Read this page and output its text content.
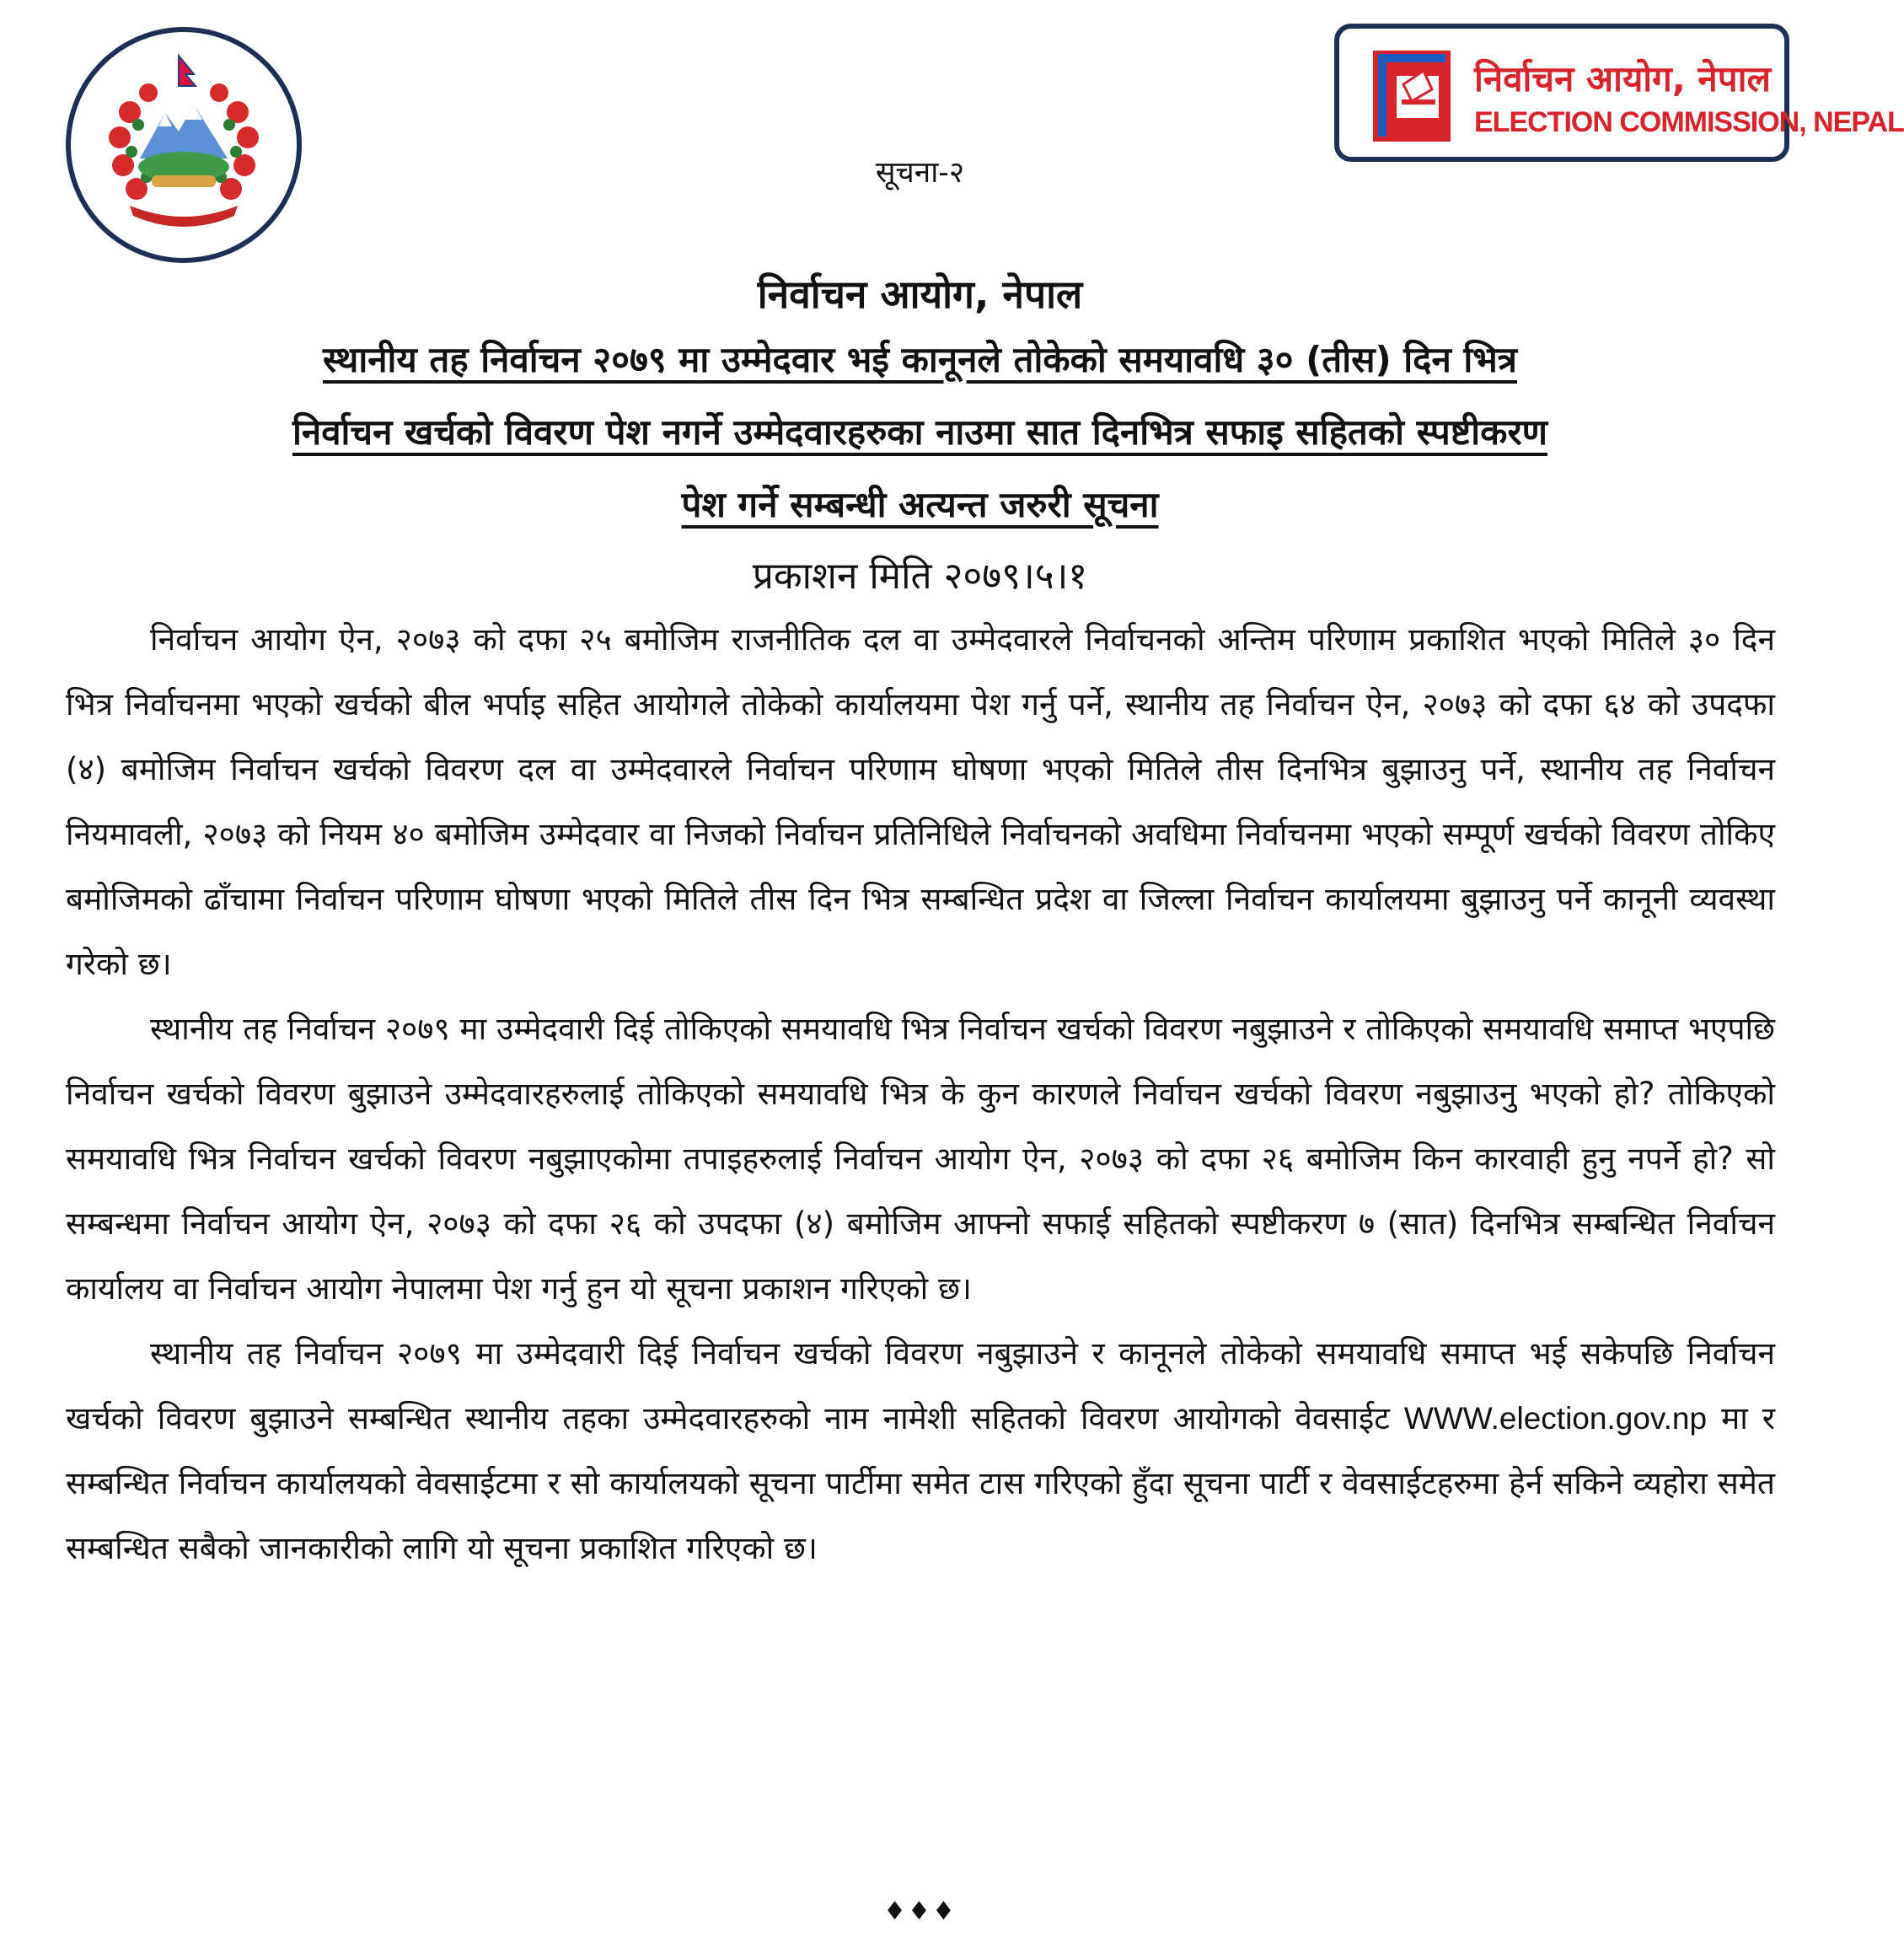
निर्वाचन आयोग, नेपाल
ELECTION COMMISSION, NEPAL
सूचना-२
निर्वाचन आयोग, नेपाल
स्थानीय तह निर्वाचन २०७९ मा उम्मेदवार भई कानूनले तोकेको समयावधि ३० (तीस) दिन भित्र
निर्वाचन खर्चको विवरण पेश नगर्ने उम्मेदवारहरुका नाउमा सात दिनभित्र सफाइ सहितको स्पष्टीकरण
पेश गर्ने सम्बन्धी अत्यन्त जरुरी सूचना
प्रकाशन मिति २०७९।५।१

निर्वाचन आयोग ऐन, २०७३ को दफा २५ बमोजिम राजनीतिक दल वा उम्मेदवारले निर्वाचनको अन्तिम परिणाम प्रकाशित भएको मितिले ३० दिन भित्र निर्वाचनमा भएको खर्चको बील भर्पाइ सहित आयोगले तोकेको कार्यालयमा पेश गर्नु पर्ने, स्थानीय तह निर्वाचन ऐन, २०७३ को दफा ६४ को उपदफा (४) बमोजिम निर्वाचन खर्चको विवरण दल वा उम्मेदवारले निर्वाचन परिणाम घोषणा भएको मितिले तीस दिनभित्र बुझाउनु पर्ने, स्थानीय तह निर्वाचन नियमावली, २०७३ को नियम ४० बमोजिम उम्मेदवार वा निजको निर्वाचन प्रतिनिधिले निर्वाचनको अवधिमा निर्वाचनमा भएको सम्पूर्ण खर्चको विवरण तोकिए बमोजिमको ढाँचामा निर्वाचन परिणाम घोषणा भएको मितिले तीस दिन भित्र सम्बन्धित प्रदेश वा जिल्ला निर्वाचन कार्यालयमा बुझाउनु पर्ने कानूनी व्यवस्था गरेको छ।

स्थानीय तह निर्वाचन २०७९ मा उम्मेदवारी दिई तोकिएको समयावधि भित्र निर्वाचन खर्चको विवरण नबुझाउने र तोकिएको समयावधि समाप्त भएपछि निर्वाचन खर्चको विवरण बुझाउने उम्मेदवारहरुलाई तोकिएको समयावधि भित्र के कुन कारणले निर्वाचन खर्चको विवरण नबुझाउनु भएको हो? तोकिएको समयावधि भित्र निर्वाचन खर्चको विवरण नबुझाएकोमा तपाइहरुलाई निर्वाचन आयोग ऐन, २०७३ को दफा २६ बमोजिम किन कारवाही हुनु नपर्ने हो? सो सम्बन्धमा निर्वाचन आयोग ऐन, २०७३ को दफा २६ को उपदफा (४) बमोजिम आफ्नो सफाई सहितको स्पष्टीकरण ७ (सात) दिनभित्र सम्बन्धित निर्वाचन कार्यालय वा निर्वाचन आयोग नेपालमा पेश गर्नु हुन यो सूचना प्रकाशन गरिएको छ।

स्थानीय तह निर्वाचन २०७९ मा उम्मेदवारी दिई निर्वाचन खर्चको विवरण नबुझाउने र कानूनले तोकेको समयावधि समाप्त भई सकेपछि निर्वाचन खर्चको विवरण बुझाउने सम्बन्धित स्थानीय तहका उम्मेदवारहरुको नाम नामेशी सहितको विवरण आयोगको वेवसाईट WWW.election.gov.np मा र सम्बन्धित निर्वाचन कार्यालयको वेवसाईटमा र सो कार्यालयको सूचना पार्टीमा समेत टास गरिएको हुँदा सूचना पार्टी र वेवसाईटहरुमा हेर्न सकिने व्यहोरा समेत सम्बन्धित सबैको जानकारीको लागि यो सूचना प्रकाशित गरिएको छ।

♦♦♦
